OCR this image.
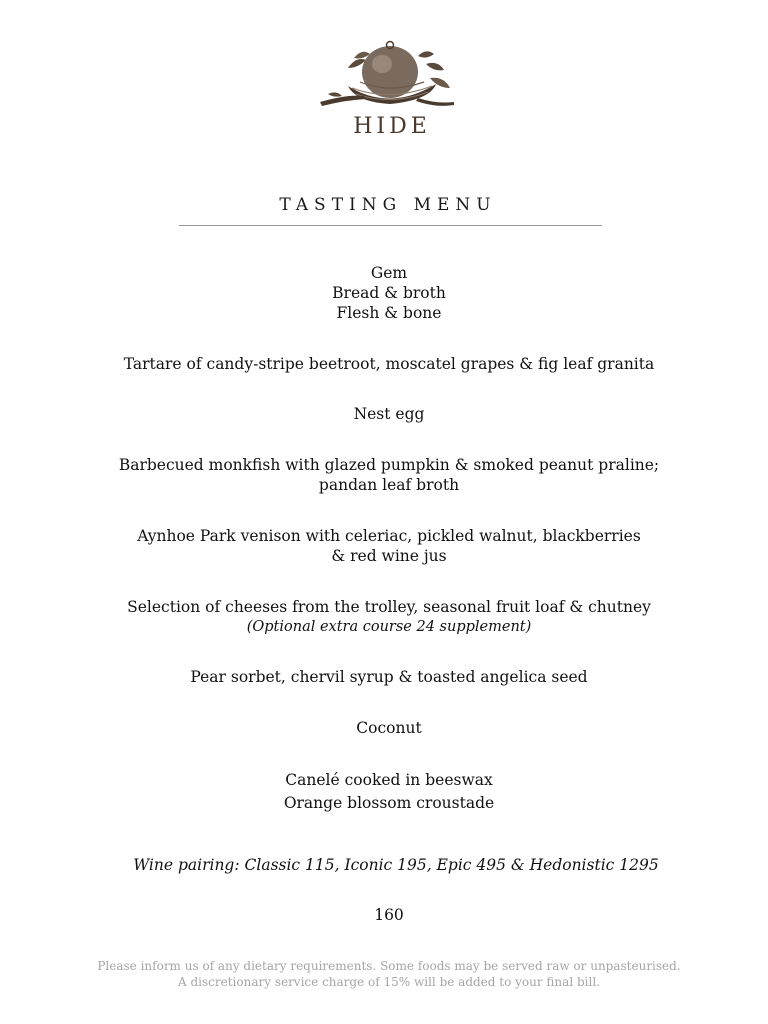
HIDE
TASTING MENU
Gem
Bread & broth
Flesh & bone
Tartare of candy-stripe beetroot, moscatel grapes & fig leaf granita
Nest egg
Barbecued monkfish with glazed pumpkin & smoked peanut praline;
pandan leaf broth
Aynhoe Park venison with celeriac, pickled walnut, blackberries
& red wine jus
Selection of cheeses from the trolley, seasonal fruit loaf & chutney
(Optional extra course 24 supplement)
Pear sorbet, chervil syrup & toasted angelica seed
Coconut
Canelé cooked in beeswax
Orange blossom croustade
Wine pairing: Classic 115, Iconic 195, Epic 495 & Hedonistic 1295
160
Please inform us of any dietary requirements. Some foods may be served raw or unpasteurised.
A discretionary service charge of 15% will be added to your final bill.
